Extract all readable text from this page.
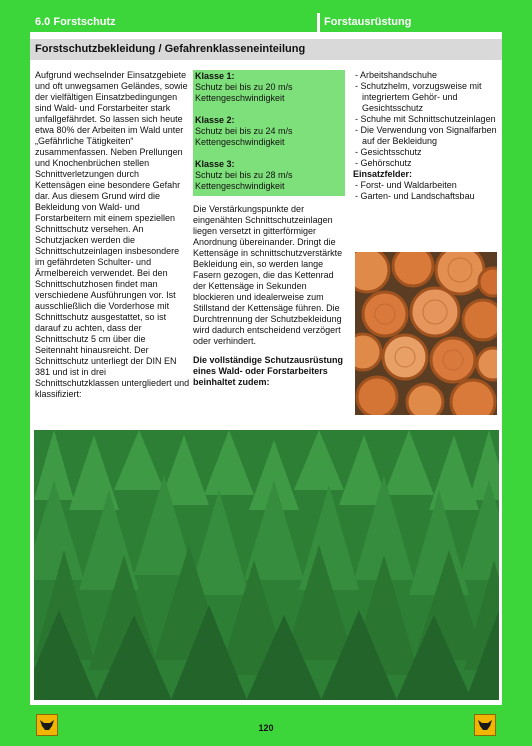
6.0 Forstschutz	Forstausrüstung
Forstschutzbekleidung / Gefahrenklasseneinteilung
Aufgrund wechselnder Einsatzgebiete und oft unwegsamen Geländes, sowie der vielfältigen Einsatzbedingungen sind Wald- und Forstarbeiter stark unfallgefährdet. So lassen sich heute etwa 80% der Arbeiten im Wald unter „Gefährliche Tätigkeiten“ zusammenfassen. Neben Prellungen und Knochenbrüchen stellen Schnittverletzungen durch Kettensägen eine besondere Gefahr dar. Aus diesem Grund wird die Bekleidung von Wald- und Forstarbeitern mit einem speziellen Schnittschutz versehen. An Schutzjacken werden die Schnittschutzeinlagen insbesondere im gefährdeten Schulter- und Ärmelbereich verwendet. Bei den Schnittschutzhosen findet man verschiedene Ausführungen vor. Ist ausschließlich die Vorderhose mit Schnittschutz ausgestattet, so ist darauf zu achten, dass der Schnittschutz 5 cm über die Seitennaht hinausreicht. Der Schnittschutz unterliegt der DIN EN 381 und ist in drei Schnittschutzklassen untergliedert und klassifiziert:
Klasse 1:
Schutz bei bis zu 20 m/s Kettengeschwindigkeit
Klasse 2:
Schutz bei bis zu 24 m/s Kettengeschwindigkeit
Klasse 3:
Schutz bei bis zu 28 m/s Kettengeschwindigkeit
Die Verstärkungspunkte der eingenähten Schnittschutzeinlagen liegen versetzt in gitterförmiger Anordnung übereinander. Dringt die Kettensäge in schnittschutzverstärkte Bekleidung ein, so werden lange Fasern gezogen, die das Kettenrad der Kettensäge in Sekunden blockieren und idealerweise zum Stillstand der Kettensäge führen. Die Durchtrennung der Schutzbekleidung wird dadurch entscheidend verzögert oder verhindert.
Die vollständige Schutzausrüstung eines Wald- oder Forstarbeiters beinhaltet zudem:
- Arbeitshandschuhe
- Schutzhelm, vorzugsweise mit integriertem Gehör- und Gesichtsschutz
- Schuhe mit Schnittschutzeinlagen
- Die Verwendung von Signalfarben auf der Bekleidung
- Gesichtsschutz
- Gehörschutz
Einsatzfelder:
- Forst- und Waldarbeiten
- Garten- und Landschaftsbau
120
